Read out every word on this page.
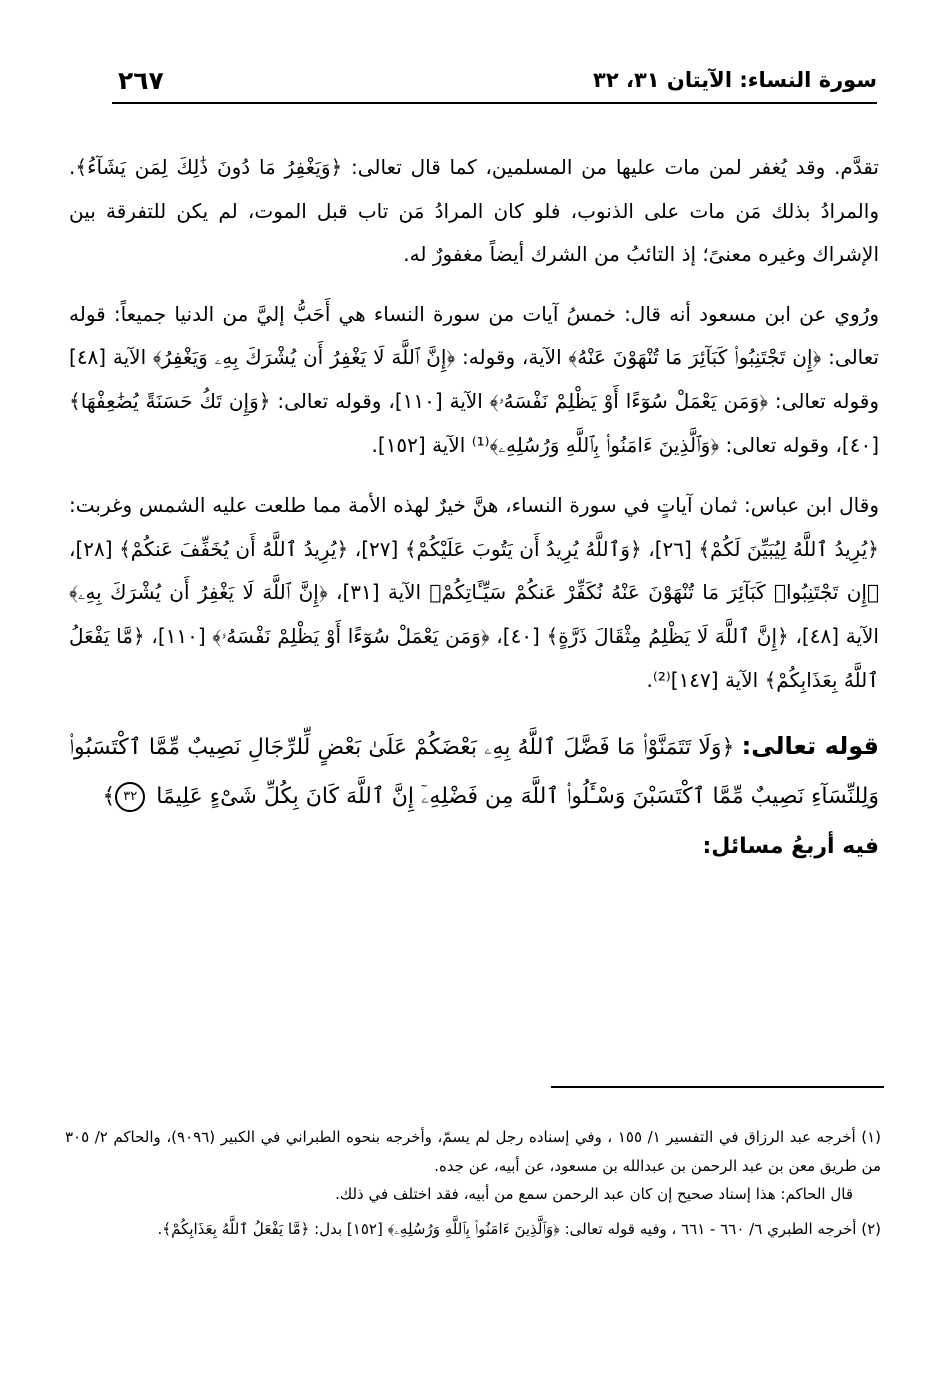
سورة النساء: الآيتان ٣١، ٣٢
٢٦٧

تقدَّم. وقد يُغفر لمن مات عليها من المسلمين، كما قال تعالى: ﴿وَيَغْفِرُ مَا دُونَ ذَٰلِكَ لِمَن يَشَآءُ﴾. والمرادُ بذلك مَن مات على الذنوب، فلو كان المرادُ مَن تاب قبل الموت، لم يكن للتفرقة بين الإشراك وغيره معنىً؛ إذ التائبُ من الشرك أيضاً مغفورٌ له.

ورُوي عن ابن مسعود أنه قال: خمسُ آيات من سورة النساء هي أَحَبُّ إليَّ من الدنيا جميعاً: قوله تعالى: ﴿إِن تَجْتَنِبُوا۟ كَبَآئِرَ مَا تُنْهَوْنَ عَنْهُ﴾ الآية، وقوله: ﴿إِنَّ ٱللَّهَ لَا يَغْفِرُ أَن يُشْرَكَ بِهِۦ وَيَغْفِرُ﴾ الآية [٤٨] وقوله تعالى: ﴿وَمَن يَعْمَلْ سُوٓءًا أَوْ يَظْلِمْ نَفْسَهُۥ﴾ الآية [١١٠]، وقوله تعالى: ﴿وَإِن تَكُ حَسَنَةً يُضَٰعِفْهَا﴾ [٤٠]، وقوله تعالى: ﴿وَٱلَّذِينَ ءَامَنُوا۟ بِٱللَّهِ وَرُسُلِهِۦ﴾⁽¹⁾ الآية [١٥٢].

وقال ابن عباس: ثمان آياتٍ في سورة النساء، هنَّ خيرٌ لهذه الأمة مما طلعت عليه الشمس وغربت: ﴿يُرِيدُ ٱللَّهُ لِيُبَيِّنَ لَكُمْ﴾ [٢٦]، ﴿وَٱللَّهُ يُرِيدُ أَن يَتُوبَ عَلَيْكُمْ﴾ [٢٧]، ﴿يُرِيدُ ٱللَّهُ أَن يُخَفِّفَ عَنكُمْ﴾ [٢٨]، ﴿إِن تَجْتَنِبُوا۟ كَبَآئِرَ مَا تُنْهَوْنَ عَنْهُ نُكَفِّرْ عَنكُمْ سَيِّـَٔاتِكُمْ﴾ الآية [٣١]، ﴿إِنَّ ٱللَّهَ لَا يَغْفِرُ أَن يُشْرَكَ بِهِۦ﴾ الآية [٤٨]، ﴿إِنَّ ٱللَّهَ لَا يَظْلِمُ مِثْقَالَ ذَرَّةٍ﴾ [٤٠]، ﴿وَمَن يَعْمَلْ سُوٓءًا أَوْ يَظْلِمْ نَفْسَهُۥ﴾ [١١٠]، ﴿مَّا يَفْعَلُ ٱللَّهُ بِعَذَابِكُمْ﴾ الآية [١٤٧]⁽²⁾.

قوله تعالى: ﴿وَلَا تَتَمَنَّوْا۟ مَا فَضَّلَ ٱللَّهُ بِهِۦ بَعْضَكُمْ عَلَىٰ بَعْضٍ لِّلرِّجَالِ نَصِيبٌ مِّمَّا ٱكْتَسَبُوا۟ وَلِلنِّسَآءِ نَصِيبٌ مِّمَّا ٱكْتَسَبْنَ وَسْـَٔلُوا۟ ٱللَّهَ مِن فَضْلِهِۦٓ إِنَّ ٱللَّهَ كَانَ بِكُلِّ شَىْءٍ عَلِيمًا ٣٢﴾

فيه أربعُ مسائل:

(١) أخرجه عبد الرزاق في التفسير ١/ ١٥٥ ، وفي إسناده رجل لم يسمّ، وأخرجه بنحوه الطبراني في الكبير (٩٠٩٦)، والحاكم ٢/ ٣٠٥ من طريق معن بن عبد الرحمن بن عبدالله بن مسعود، عن أبيه، عن جده.
قال الحاكم: هذا إسناد صحيح إن كان عبد الرحمن سمع من أبيه، فقد اختلف في ذلك.

(٢) أخرجه الطبري ٦/ ٦٦٠ - ٦٦١ ، وفيه قوله تعالى: ﴿وَٱلَّذِينَ ءَامَنُوا۟ بِٱللَّهِ وَرُسُلِهِۦ﴾ [١٥٢] بدل: ﴿مَّا يَفْعَلُ ٱللَّهُ بِعَذَابِكُمْ﴾.
